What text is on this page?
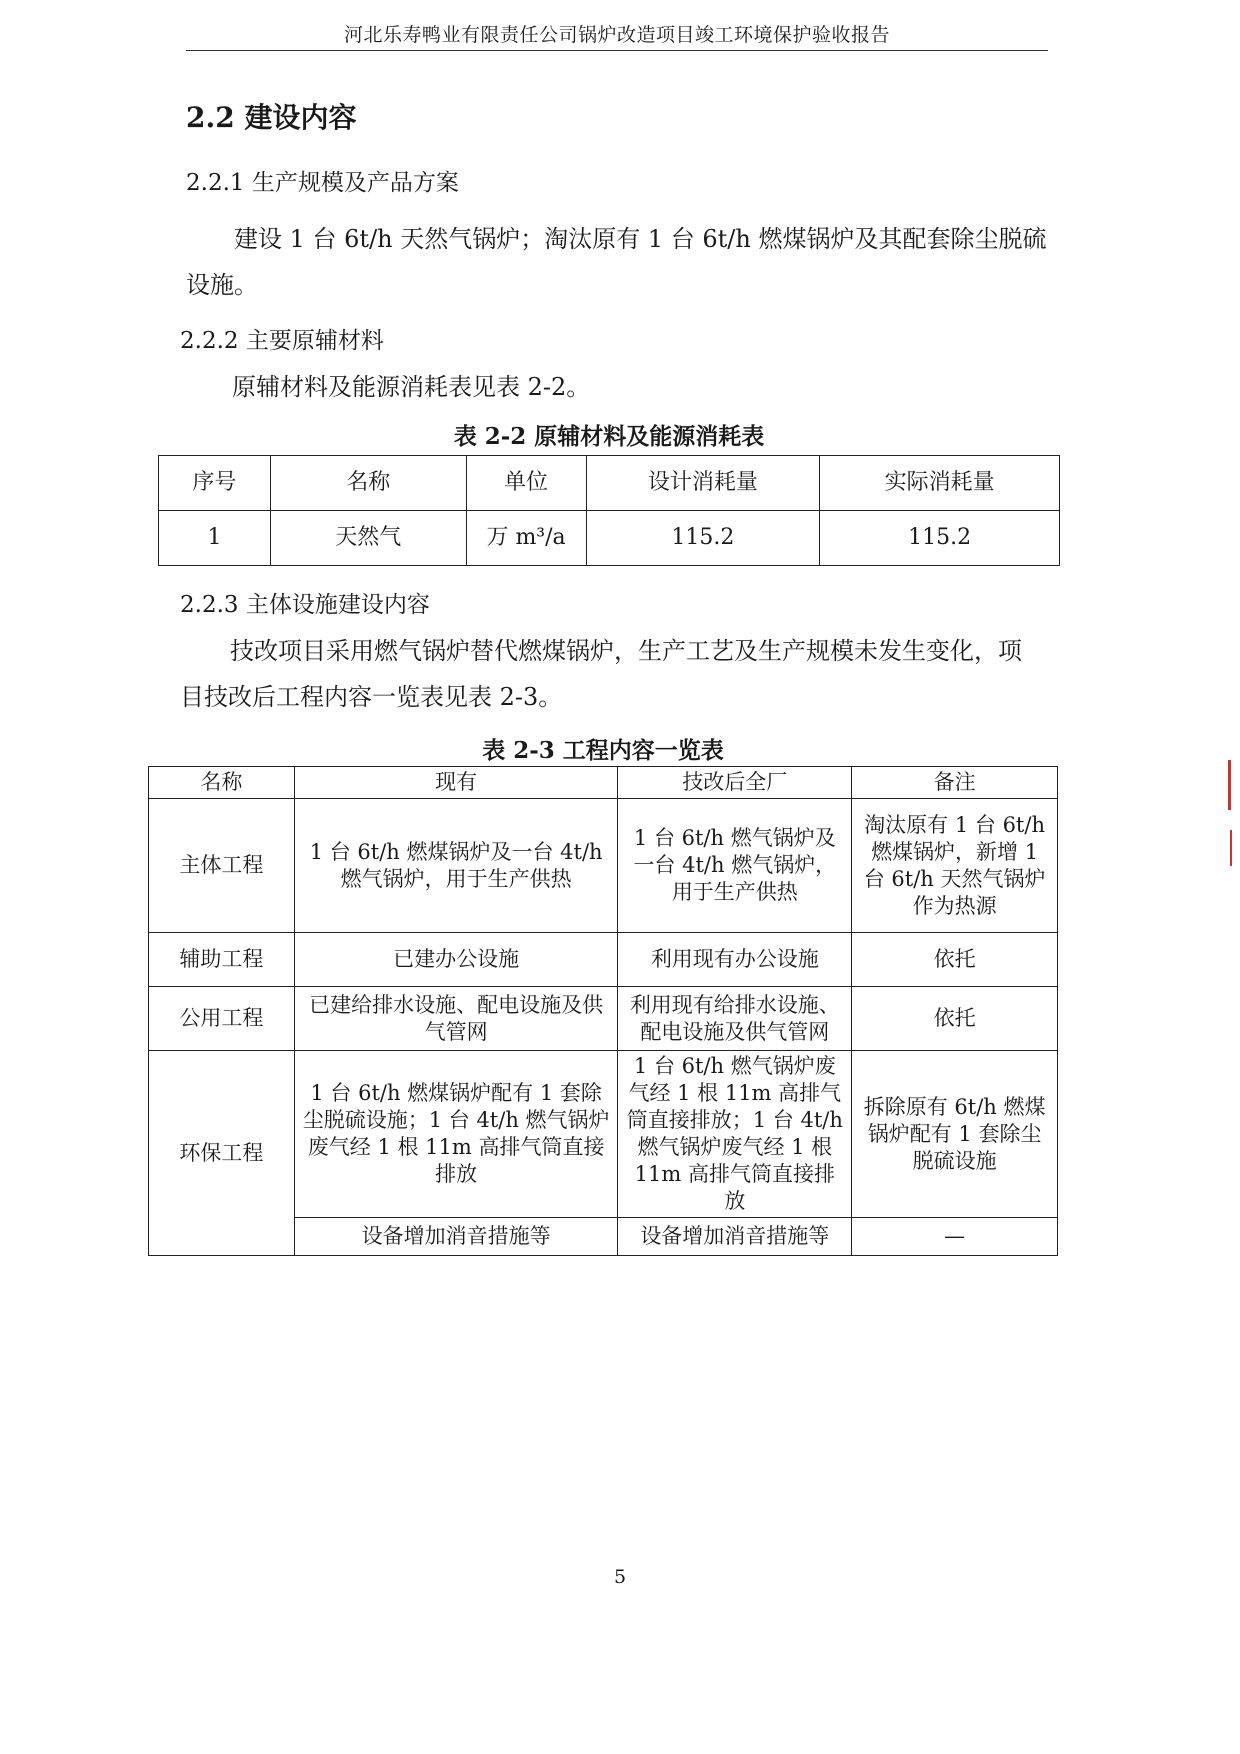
河北乐寿鸭业有限责任公司锅炉改造项目竣工环境保护验收报告
2.2 建设内容
2.2.1 生产规模及产品方案
建设 1 台 6t/h 天然气锅炉；淘汰原有 1 台 6t/h 燃煤锅炉及其配套除尘脱硫
设施。
2.2.2 主要原辅材料
原辅材料及能源消耗表见表 2-2。
表 2-2 原辅材料及能源消耗表
序号	名称	单位	设计消耗量	实际消耗量
1	天然气	万 m³/a	115.2	115.2
2.2.3 主体设施建设内容
技改项目采用燃气锅炉替代燃煤锅炉，生产工艺及生产规模未发生变化，项
目技改后工程内容一览表见表 2-3。
表 2-3 工程内容一览表
名称	现有	技改后全厂	备注
主体工程	1 台 6t/h 燃煤锅炉及一台 4t/h 燃气锅炉，用于生产供热	1 台 6t/h 燃气锅炉及一台 4t/h 燃气锅炉，用于生产供热	淘汰原有 1 台 6t/h 燃煤锅炉，新增 1 台 6t/h 天然气锅炉作为热源
辅助工程	已建办公设施	利用现有办公设施	依托
公用工程	已建给排水设施、配电设施及供气管网	利用现有给排水设施、配电设施及供气管网	依托
环保工程	1 台 6t/h 燃煤锅炉配有 1 套除尘脱硫设施；1 台 4t/h 燃气锅炉废气经 1 根 11m 高排气筒直接排放	1 台 6t/h 燃气锅炉废气经 1 根 11m 高排气筒直接排放；1 台 4t/h 燃气锅炉废气经 1 根 11m 高排气筒直接排放	拆除原有 6t/h 燃煤锅炉配有 1 套除尘脱硫设施
	设备增加消音措施等	设备增加消音措施等	—
5
